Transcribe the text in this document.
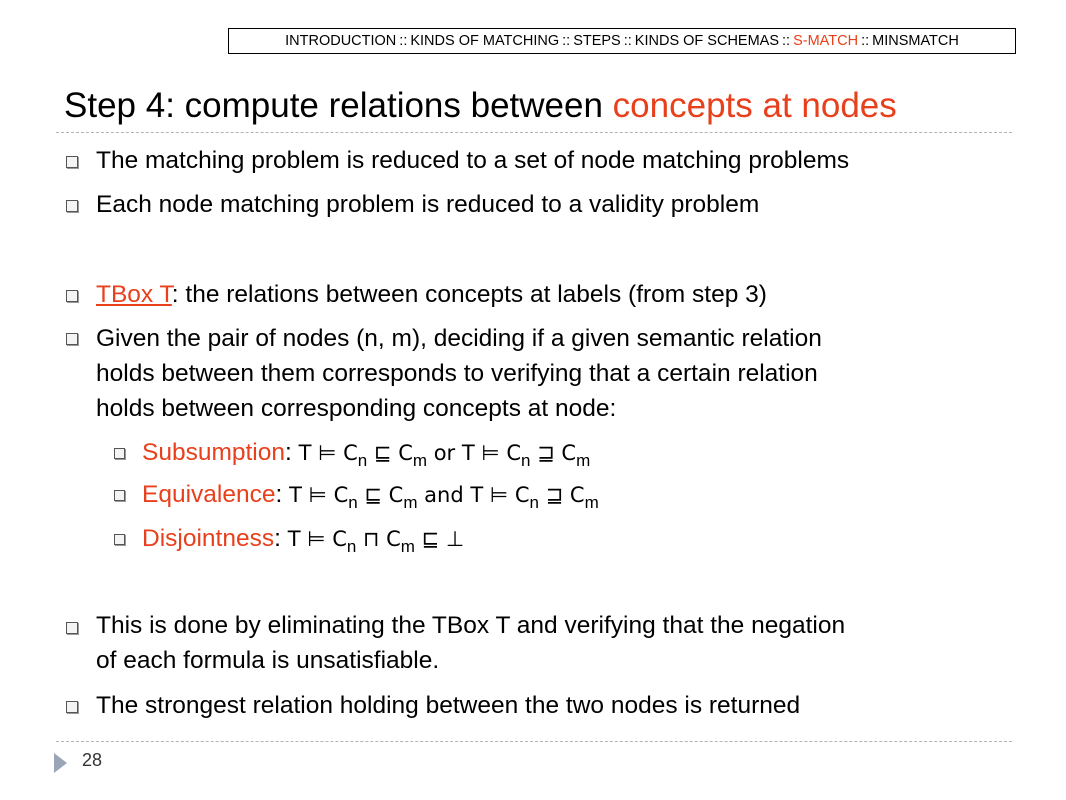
INTRODUCTION :: KINDS OF MATCHING :: STEPS :: KINDS OF SCHEMAS :: S-MATCH :: MINSMATCH
Step 4: compute relations between concepts at nodes
The matching problem is reduced to a set of node matching problems
Each node matching problem is reduced to a validity problem
TBox T: the relations between concepts at labels (from step 3)
Given the pair of nodes (n, m), deciding if a given semantic relation
holds between them corresponds to verifying that a certain relation
holds between corresponding concepts at node:
Subsumption: T ⊨ $C_n$ ⊑ $C_m$ or T ⊨ $C_n$ ⊒ $C_m$
Equivalence: T ⊨ $C_n$ ⊑ $C_m$ and T ⊨ $C_n$ ⊒ $C_m$
Disjointness: T ⊨ $C_n$ ⊓ $C_m$ ⊑ ⊥
This is done by eliminating the TBox T and verifying that the negation
of each formula is unsatisfiable.
The strongest relation holding between the two nodes is returned
28
